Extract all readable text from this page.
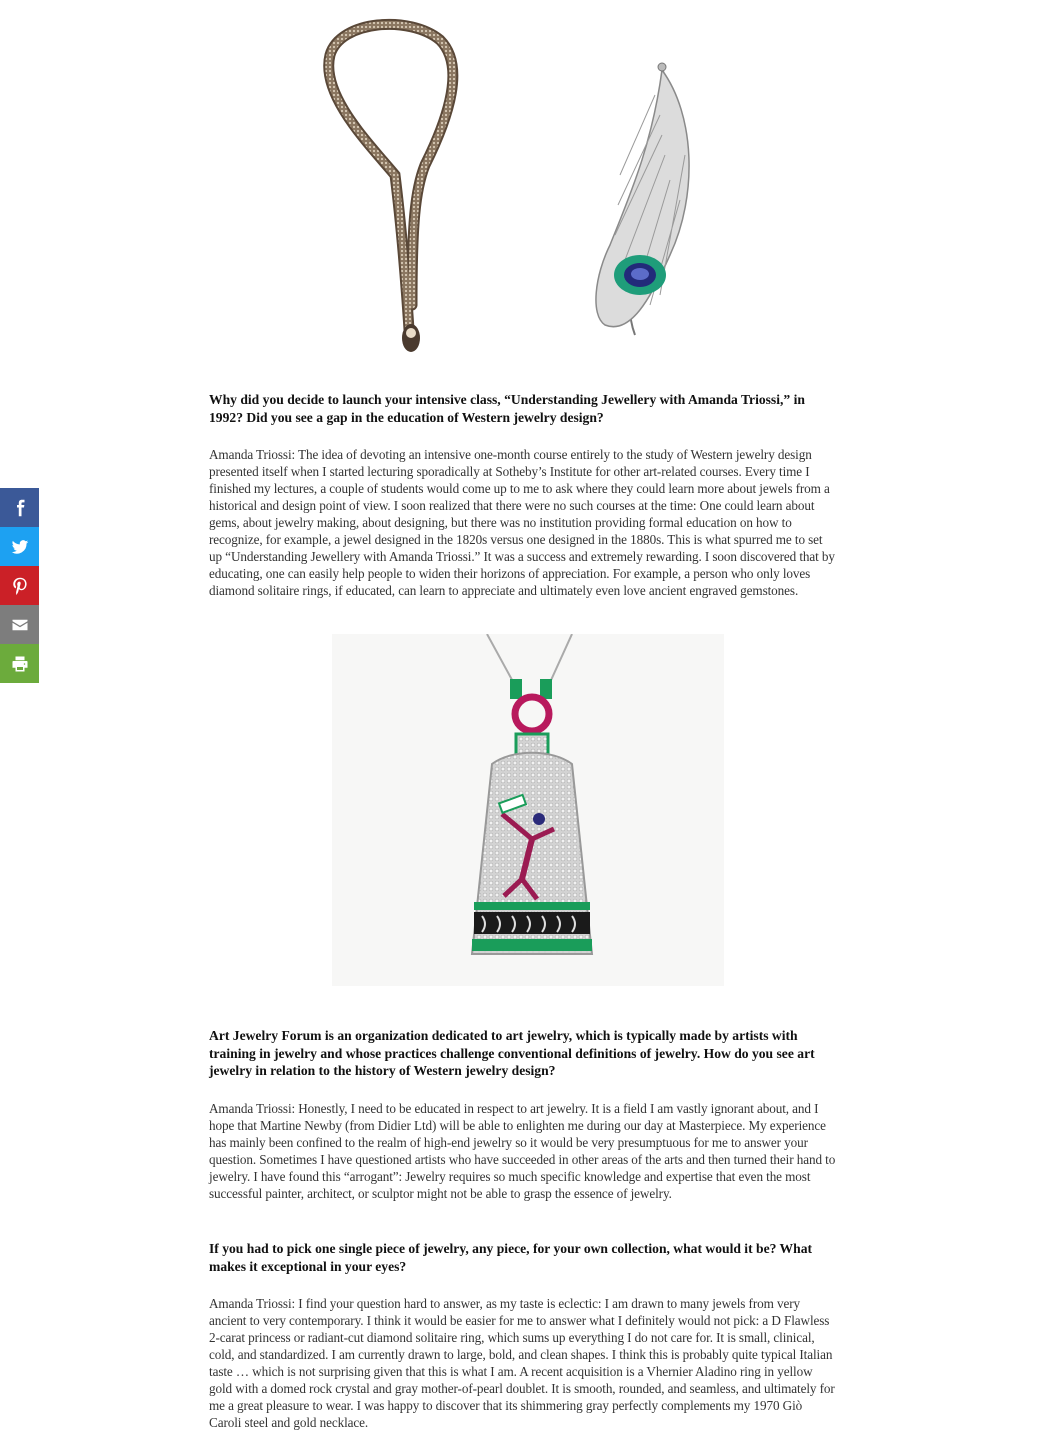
Why did you decide to launch your intensive class, “Understanding Jewellery with Amanda Triossi,” in 1992? Did you see a gap in the education of Western jewelry design?

Amanda Triossi: The idea of devoting an intensive one-month course entirely to the study of Western jewelry design presented itself when I started lecturing sporadically at Sotheby’s Institute for other art-related courses. Every time I finished my lectures, a couple of students would come up to me to ask where they could learn more about jewels from a historical and design point of view. I soon realized that there were no such courses at the time: One could learn about gems, about jewelry making, about designing, but there was no institution providing formal education on how to recognize, for example, a jewel designed in the 1820s versus one designed in the 1880s. This is what spurred me to set up “Understanding Jewellery with Amanda Triossi.” It was a success and extremely rewarding. I soon discovered that by educating, one can easily help people to widen their horizons of appreciation. For example, a person who only loves diamond solitaire rings, if educated, can learn to appreciate and ultimately even love ancient engraved gemstones.

Art Jewelry Forum is an organization dedicated to art jewelry, which is typically made by artists with training in jewelry and whose practices challenge conventional definitions of jewelry. How do you see art jewelry in relation to the history of Western jewelry design?

Amanda Triossi: Honestly, I need to be educated in respect to art jewelry. It is a field I am vastly ignorant about, and I hope that Martine Newby (from Didier Ltd) will be able to enlighten me during our day at Masterpiece. My experience has mainly been confined to the realm of high-end jewelry so it would be very presumptuous for me to answer your question. Sometimes I have questioned artists who have succeeded in other areas of the arts and then turned their hand to jewelry. I have found this “arrogant”: Jewelry requires so much specific knowledge and expertise that even the most successful painter, architect, or sculptor might not be able to grasp the essence of jewelry.

If you had to pick one single piece of jewelry, any piece, for your own collection, what would it be? What makes it exceptional in your eyes?

Amanda Triossi: I find your question hard to answer, as my taste is eclectic: I am drawn to many jewels from very ancient to very contemporary. I think it would be easier for me to answer what I definitely would not pick: a D Flawless 2-carat princess or radiant-cut diamond solitaire ring, which sums up everything I do not care for. It is small, clinical, cold, and standardized. I am currently drawn to large, bold, and clean shapes. I think this is probably quite typical Italian taste … which is not surprising given that this is what I am. A recent acquisition is a Vhernier Aladino ring in yellow gold with a domed rock crystal and gray mother-of-pearl doublet. It is smooth, rounded, and seamless, and ultimately for me a great pleasure to wear. I was happy to discover that its shimmering gray perfectly complements my 1970 Giò Caroli steel and gold necklace.
